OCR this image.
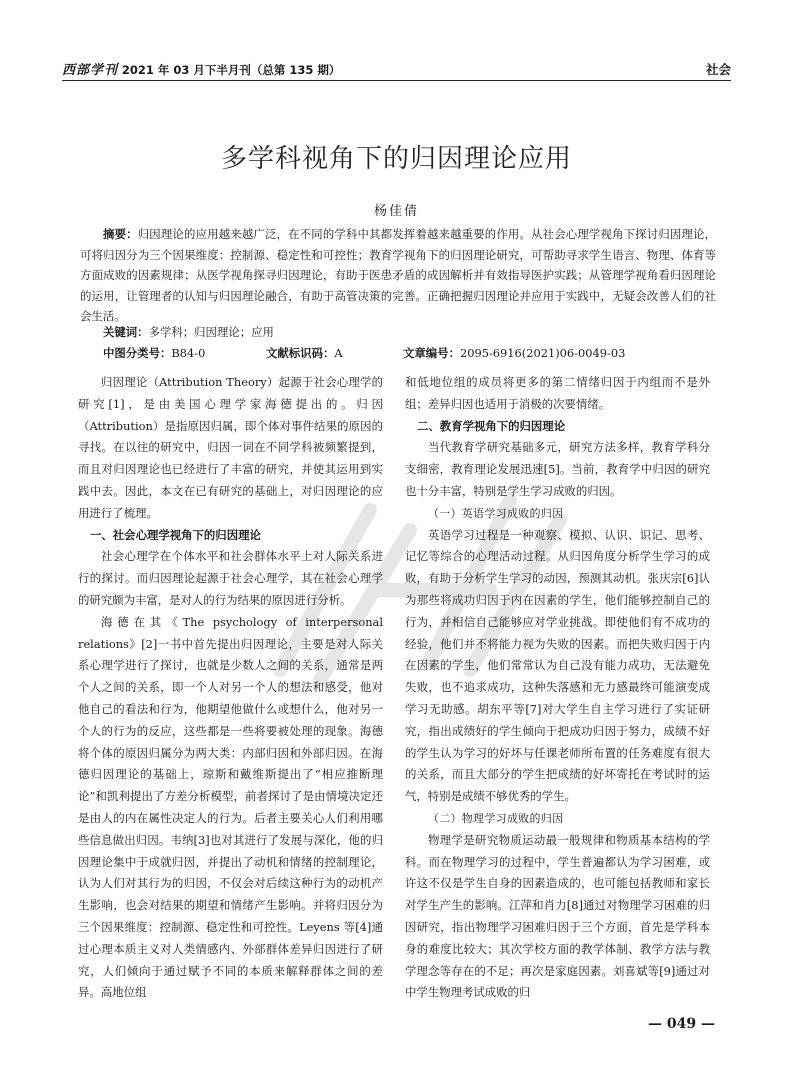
西部学刊 2021 年 03 月下半月刊（总第 135 期）	社会
多学科视角下的归因理论应用
杨佳倩
摘要：归因理论的应用越来越广泛，在不同的学科中其都发挥着越来越重要的作用。从社会心理学视角下探讨归因理论，可将归因分为三个因果维度：控制源、稳定性和可控性；教育学视角下的归因理论研究，可帮助寻求学生语言、物理、体育等方面成败的因素规律；从医学视角探寻归因理论，有助于医患矛盾的成因解析并有效指导医护实践；从管理学视角看归因理论的运用，让管理者的认知与归因理论融合，有助于高管决策的完善。正确把握归因理论并应用于实践中，无疑会改善人们的社会生活。
关键词：多学科；归因理论；应用
中图分类号：B84-0	文献标识码：A	文章编号：2095-6916(2021)06-0049-03

归因理论（Attribution Theory）起源于社会心理学的研究[1]，是由美国心理学家海德提出的。归因（Attribution）是指原因归属，即个体对事件结果的原因的寻找。在以往的研究中，归因一词在不同学科被频繁提到，而且对归因理论也已经进行了丰富的研究，并使其运用到实践中去。因此，本文在已有研究的基础上，对归因理论的应用进行了梳理。

一、社会心理学视角下的归因理论

社会心理学在个体水平和社会群体水平上对人际关系进行的探讨。而归因理论起源于社会心理学，其在社会心理学的研究颇为丰富，是对人的行为结果的原因进行分析。

海德在其《The psychology of interpersonal relations》[2]一书中首先提出归因理论，主要是对人际关系心理学进行了探讨，也就是少数人之间的关系，通常是两个人之间的关系，即一个人对另一个人的想法和感受，他对他自己的看法和行为，他期望他做什么或想什么，他对另一个人的行为的反应，这些都是一些将要被处理的现象。海德将个体的原因归属分为两大类：内部归因和外部归因。在海德归因理论的基础上，琼斯和戴维斯提出了“相应推断理论”和凯利提出了方差分析模型，前者探讨了是由情境决定还是由人的内在属性决定人的行为。后者主要关心人们利用哪些信息做出归因。韦纳[3]也对其进行了发展与深化，他的归因理论集中于成就归因，并提出了动机和情绪的控制理论，认为人们对其行为的归因，不仅会对后续这种行为的动机产生影响，也会对结果的期望和情绪产生影响。并将归因分为三个因果维度：控制源、稳定性和可控性。Leyens 等[4]通过心理本质主义对人类情感内、外部群体差异归因进行了研究，人们倾向于通过赋予不同的本质来解释群体之间的差异。高地位组

和低地位组的成员将更多的第二情绪归因于内组而不是外组；差异归因也适用于消极的次要情绪。

二、教育学视角下的归因理论

当代教育学研究基础多元，研究方法多样，教育学科分支细密，教育理论发展迅速[5]。当前，教育学中归因的研究也十分丰富，特别是学生学习成败的归因。

（一）英语学习成败的归因

英语学习过程是一种观察、模拟、认识、识记、思考、记忆等综合的心理活动过程。从归因角度分析学生学习的成败，有助于分析学生学习的动因，预测其动机。张庆宗[6]认为那些将成功归因于内在因素的学生，他们能够控制自己的行为，并相信自己能够应对学业挑战。即使他们有不成功的经验，他们并不将能力视为失败的因素。而把失败归因于内在因素的学生，他们常常认为自己没有能力成功，无法避免失败，也不追求成功，这种失落感和无力感最终可能演变成学习无助感。胡东平等[7]对大学生自主学习进行了实证研究，指出成绩好的学生倾向于把成功归因于努力，成绩不好的学生认为学习的好坏与任课老师所布置的任务难度有很大的关系，而且大部分的学生把成绩的好坏寄托在考试时的运气，特别是成绩不够优秀的学生。

（二）物理学习成败的归因

物理学是研究物质运动最一般规律和物质基本结构的学科。而在物理学习的过程中，学生普遍都认为学习困难，或许这不仅是学生自身的因素造成的，也可能包括教师和家长对学生产生的影响。江萍和肖力[8]通过对物理学习困难的归因研究，指出物理学习困难归因于三个方面，首先是学科本身的难度比较大；其次学校方面的教学体制、教学方法与教学理念等存在的不足；再次是家庭因素。刘喜斌等[9]通过对中学生物理考试成败的归

— 049 —
